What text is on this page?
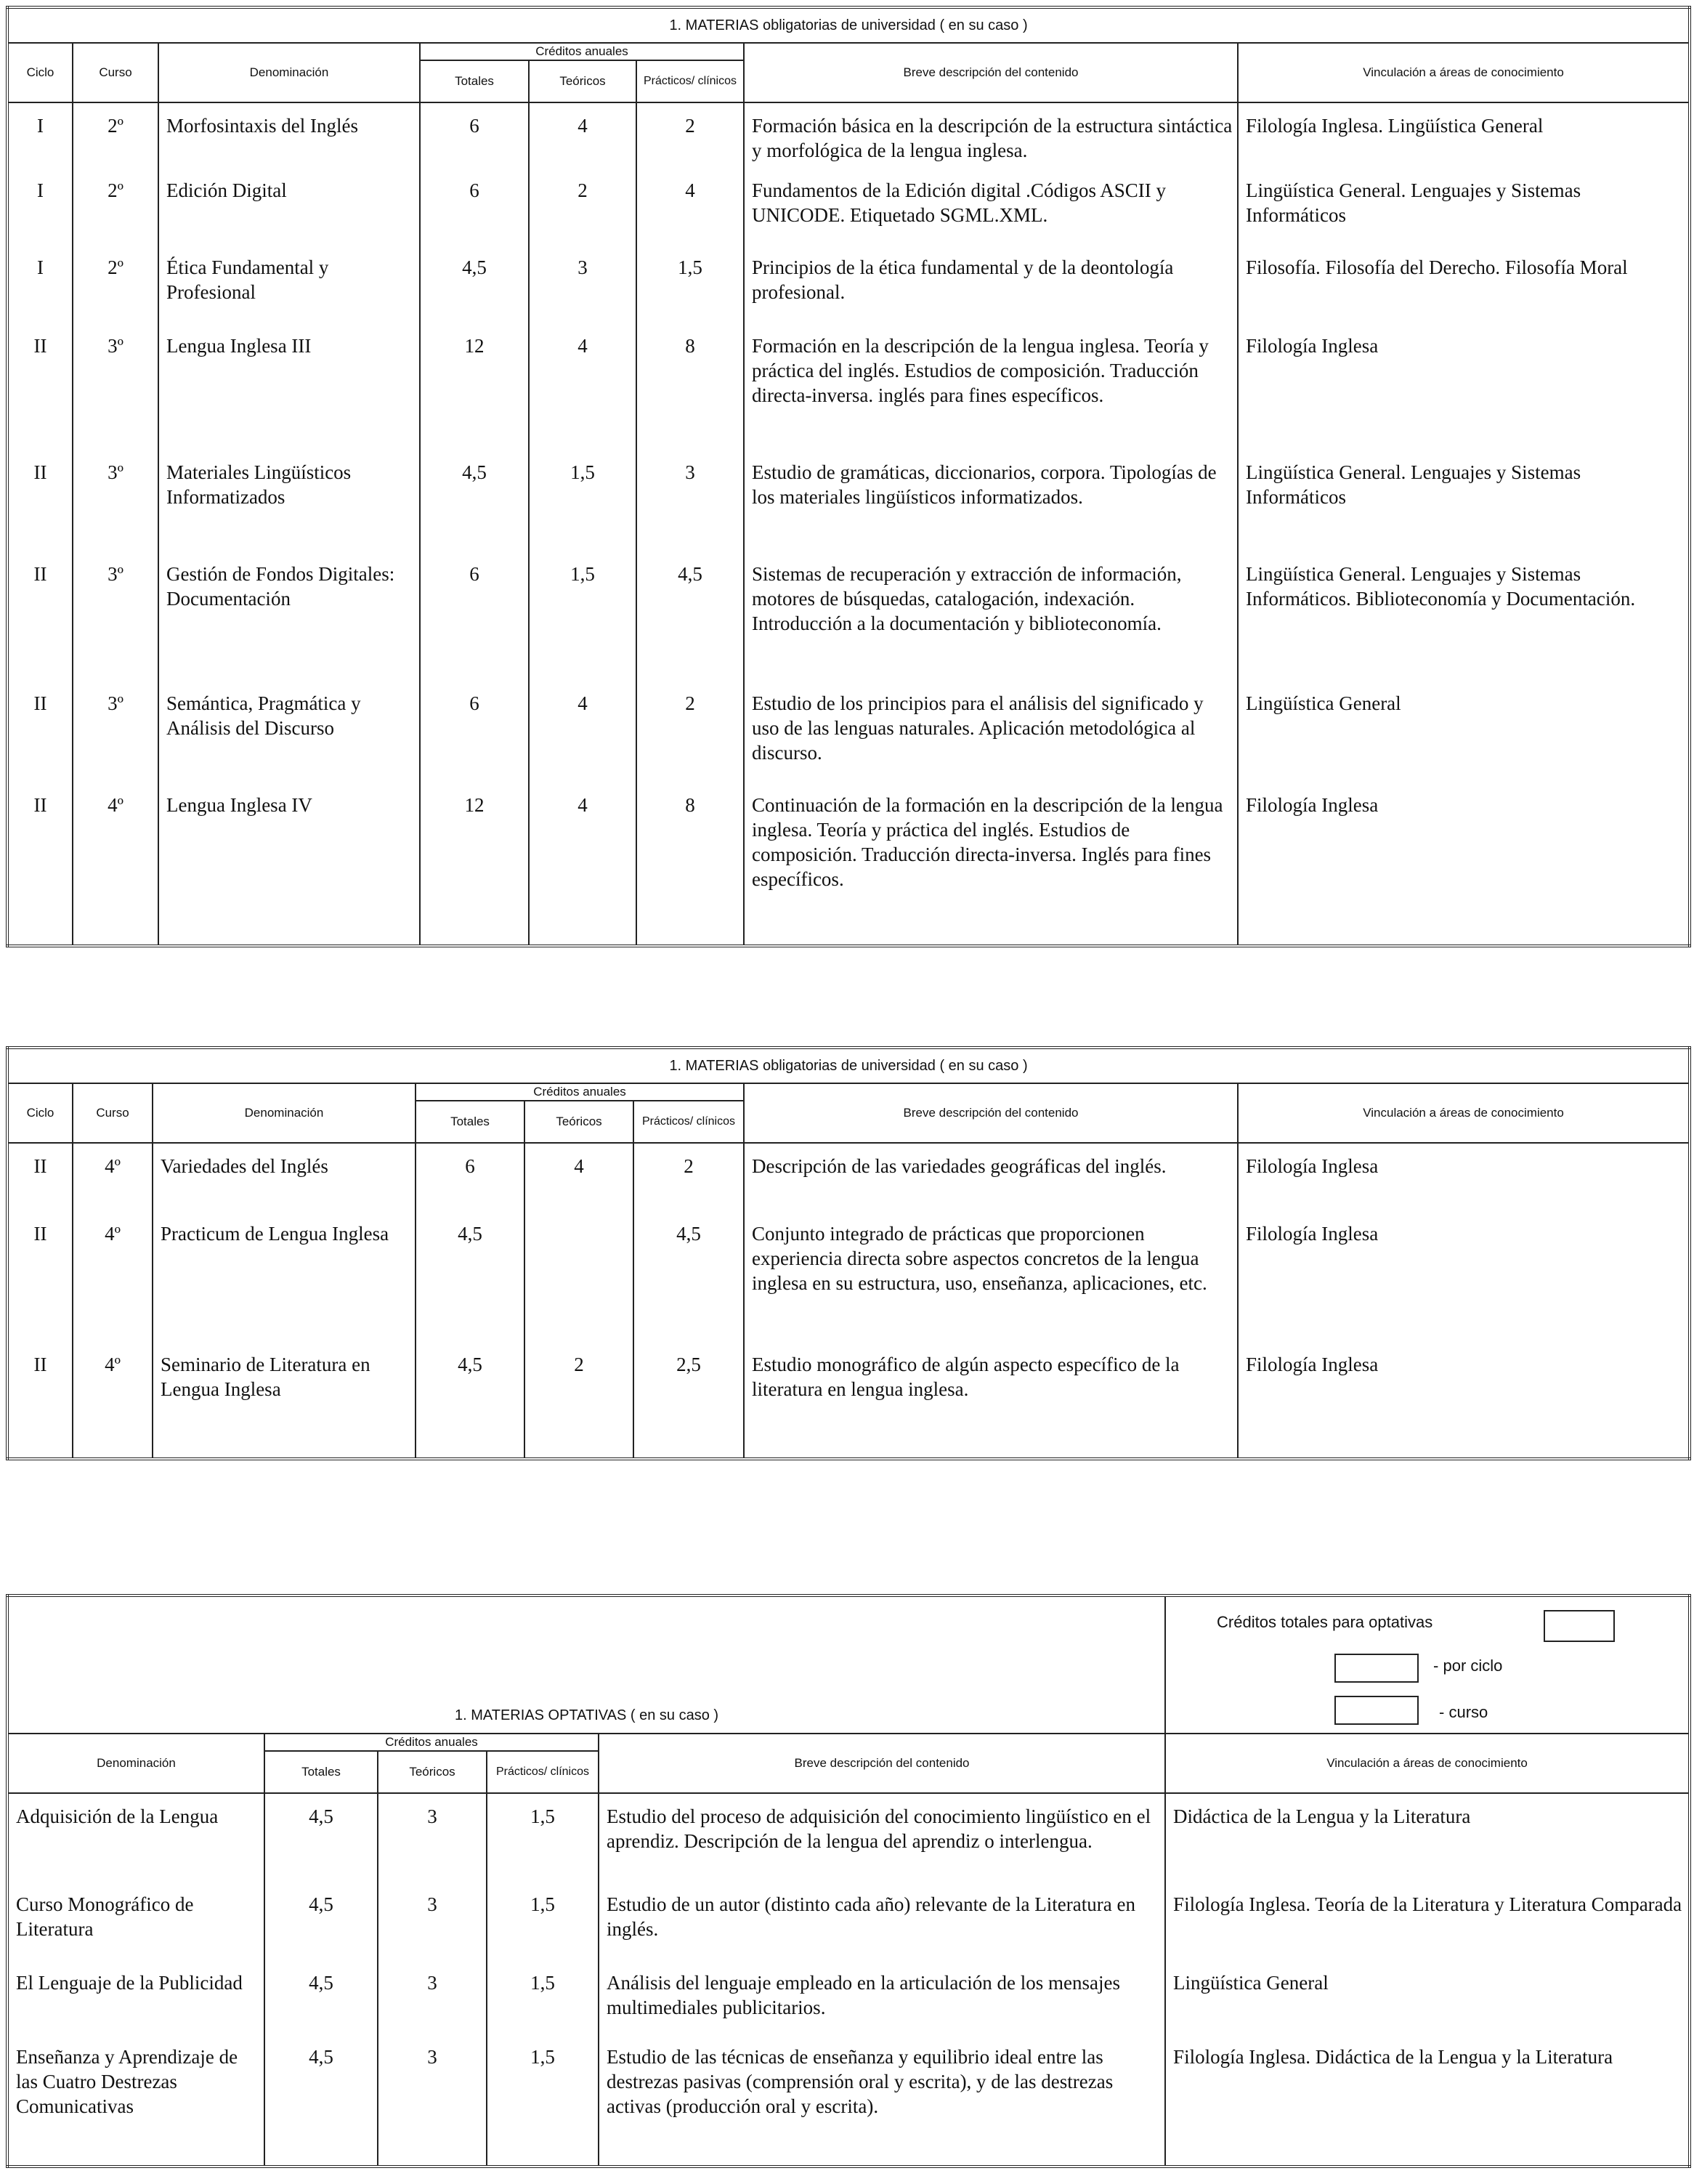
1. MATERIAS obligatorias de universidad ( en su caso )							
Ciclo	Curso	Denominación	Créditos anuales			Breve descripción del contenido	Vinculación a áreas de conocimiento
			Totales	Teóricos	Prácticos/ clínicos		
I	2º	Morfosintaxis del Inglés	6	4	2	Formación básica en la descripción de la estructura sintáctica y morfológica de la lengua inglesa.	Filología Inglesa. Lingüística General
I	2º	Edición Digital	6	2	4	Fundamentos de la Edición digital .Códigos ASCII y UNICODE. Etiquetado SGML.XML.	Lingüística General. Lenguajes y Sistemas Informáticos
I	2º	Ética Fundamental y Profesional	4,5	3	1,5	Principios de la ética fundamental y de la deontología profesional.	Filosofía. Filosofía del Derecho. Filosofía Moral
II	3º	Lengua Inglesa III	12	4	8	Formación en la descripción de la lengua inglesa. Teoría y práctica del inglés. Estudios de composición. Traducción directa-inversa. inglés para fines específicos.	Filología Inglesa
II	3º	Materiales Lingüísticos Informatizados	4,5	1,5	3	Estudio de gramáticas, diccionarios, corpora. Tipologías de los materiales lingüísticos informatizados.	Lingüística General. Lenguajes y Sistemas Informáticos
II	3º	Gestión de Fondos Digitales: Documentación	6	1,5	4,5	Sistemas de recuperación y extracción de información, motores de búsquedas, catalogación, indexación. Introducción a la documentación y biblioteconomía.	Lingüística General. Lenguajes y Sistemas Informáticos. Biblioteconomía y Documentación.
II	3º	Semántica, Pragmática y Análisis del Discurso	6	4	2	Estudio de los principios para el análisis del significado y uso de las lenguas naturales. Aplicación metodológica al discurso.	Lingüística General
II	4º	Lengua Inglesa IV	12	4	8	Continuación de la formación en la descripción de la lengua inglesa. Teoría y práctica del inglés. Estudios de composición. Traducción directa-inversa. Inglés para fines específicos.	Filología Inglesa
1. MATERIAS obligatorias de universidad ( en su caso )							
Ciclo	Curso	Denominación	Créditos anuales			Breve descripción del contenido	Vinculación a áreas de conocimiento
			Totales	Teóricos	Prácticos/ clínicos		
II	4º	Variedades del Inglés	6	4	2	Descripción de las variedades geográficas del inglés.	Filología Inglesa
II	4º	Practicum de Lengua Inglesa	4,5		4,5	Conjunto integrado de prácticas que proporcionen experiencia directa sobre aspectos concretos de la lengua inglesa en su estructura, uso, enseñanza, aplicaciones, etc.	Filología Inglesa
II	4º	Seminario de Literatura en Lengua Inglesa	4,5	2	2,5	Estudio monográfico de algún aspecto específico de la literatura en lengua inglesa.	Filología Inglesa
1. MATERIAS OPTATIVAS ( en su caso )					Créditos totales para optativas
- por ciclo
- curso

Denominación	Créditos anuales			Breve descripción del contenido	Vinculación a áreas de conocimiento
	Totales	Teóricos	Prácticos/ clínicos		
Adquisición de la Lengua	4,5	3	1,5	Estudio del proceso de adquisición del conocimiento lingüístico en el aprendiz. Descripción de la lengua del aprendiz o interlengua.	Didáctica de la Lengua y la Literatura
Curso Monográfico de Literatura	4,5	3	1,5	Estudio de un autor (distinto cada año) relevante de la Literatura en inglés.	Filología Inglesa. Teoría de la Literatura y Literatura Comparada
El Lenguaje de la Publicidad	4,5	3	1,5	Análisis del lenguaje empleado en la articulación de los mensajes multimediales publicitarios.	Lingüística General
Enseñanza y Aprendizaje de las Cuatro Destrezas Comunicativas	4,5	3	1,5	Estudio de las técnicas de enseñanza y equilibrio ideal entre las destrezas pasivas (comprensión oral y escrita), y de las destrezas activas (producción oral y escrita).	Filología Inglesa. Didáctica de la Lengua y la Literatura
